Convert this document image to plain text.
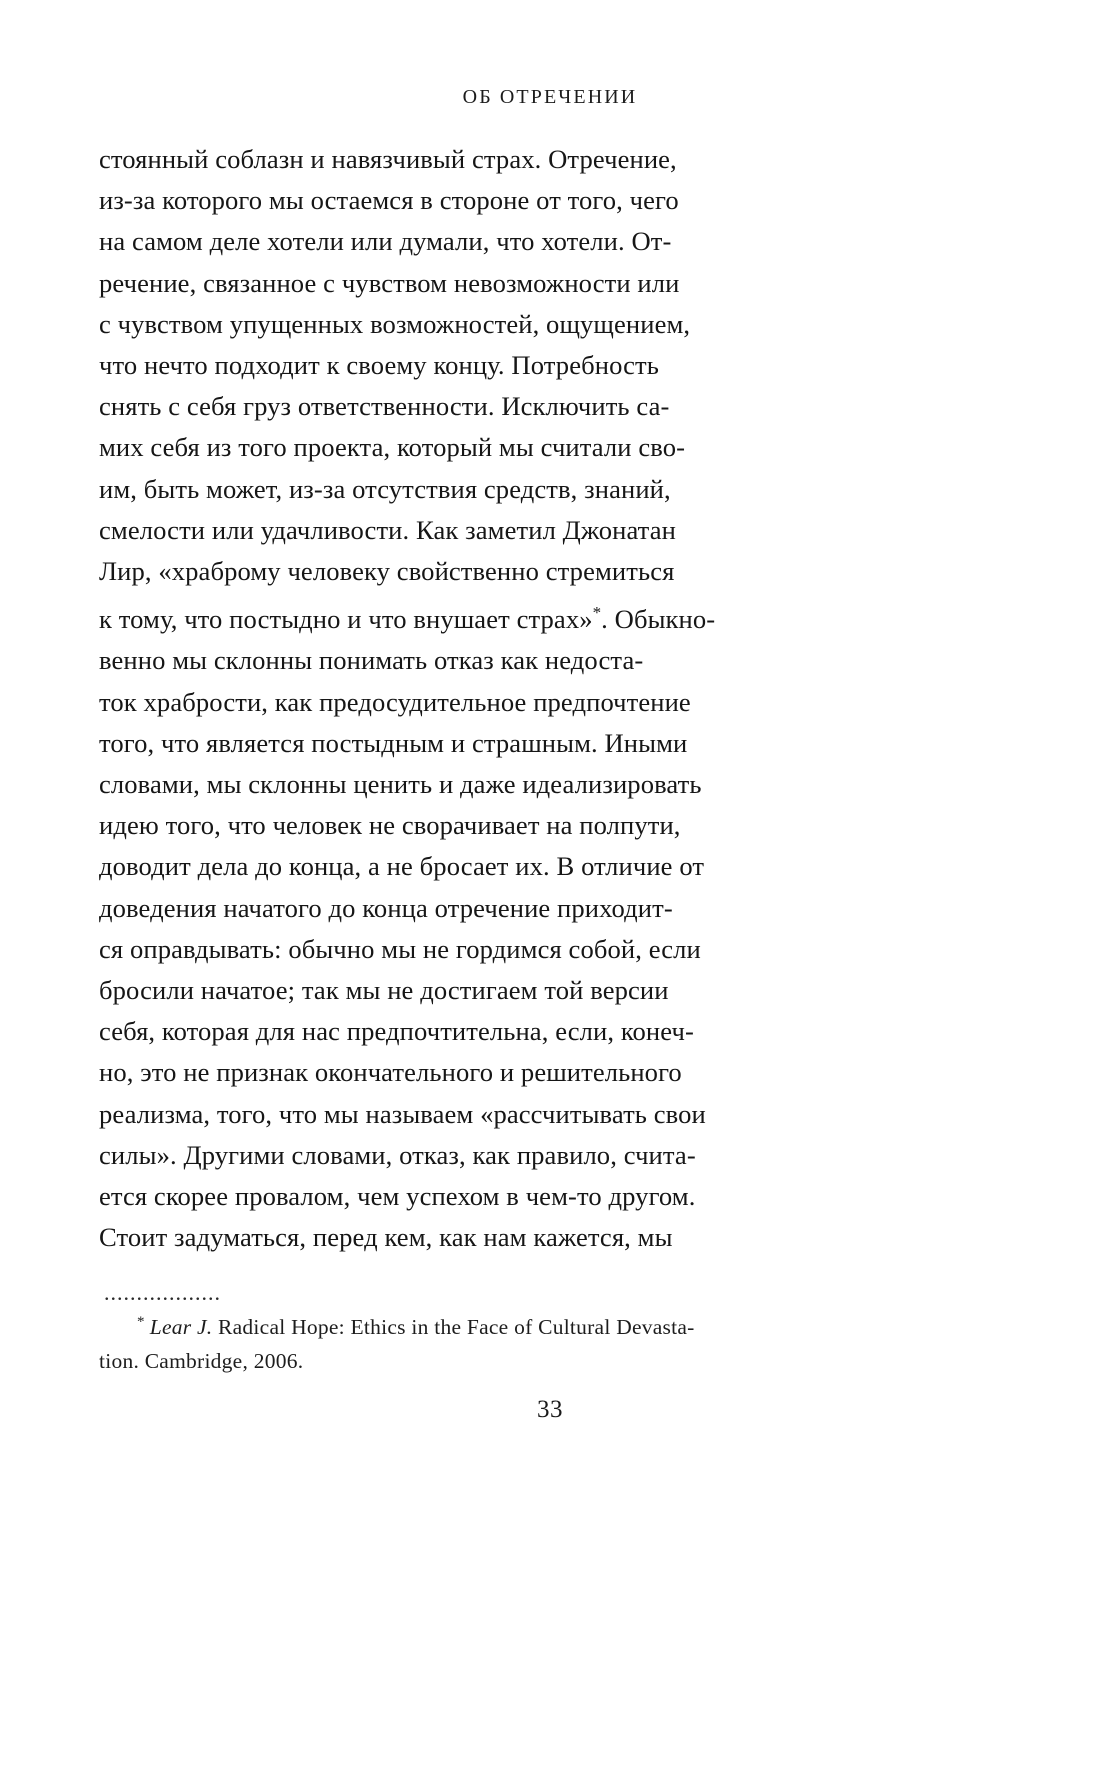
ОБ ОТРЕЧЕНИИ

стоянный соблазн и навязчивый страх. Отречение,

из-за которого мы остаемся в стороне от того, чего

на самом деле хотели или думали, что хотели. От-

речение, связанное с чувством невозможности или

с чувством упущенных возможностей, ощущением,

что нечто подходит к своему концу. Потребность

снять с себя груз ответственности. Исключить са-

мих себя из того проекта, который мы считали сво-

им, быть может, из-за отсутствия средств, знаний,

смелости или удачливости. Как заметил Джонатан

Лир, «храброму человеку свойственно стремиться

к тому, что постыдно и что внушает страх»*. Обыкно-

венно мы склонны понимать отказ как недоста-

ток храбрости, как предосудительное предпочтение

того, что является постыдным и страшным. Иными

словами, мы склонны ценить и даже идеализировать

идею того, что человек не сворачивает на полпути,

доводит дела до конца, а не бросает их. В отличие от

доведения начатого до конца отречение приходит-

ся оправдывать: обычно мы не гордимся собой, если

бросили начатое; так мы не достигаем той версии

себя, которая для нас предпочтительна, если, конеч-

но, это не признак окончательного и решительного

реализма, того, что мы называем «рассчитывать свои

силы». Другими словами, отказ, как правило, счита-

ется скорее провалом, чем успехом в чем-то другом.

Стоит задуматься, перед кем, как нам кажется, мы

..................

* Lear J. Radical Hope: Ethics in the Face of Cultural Devasta-

tion. Cambridge, 2006.

33
